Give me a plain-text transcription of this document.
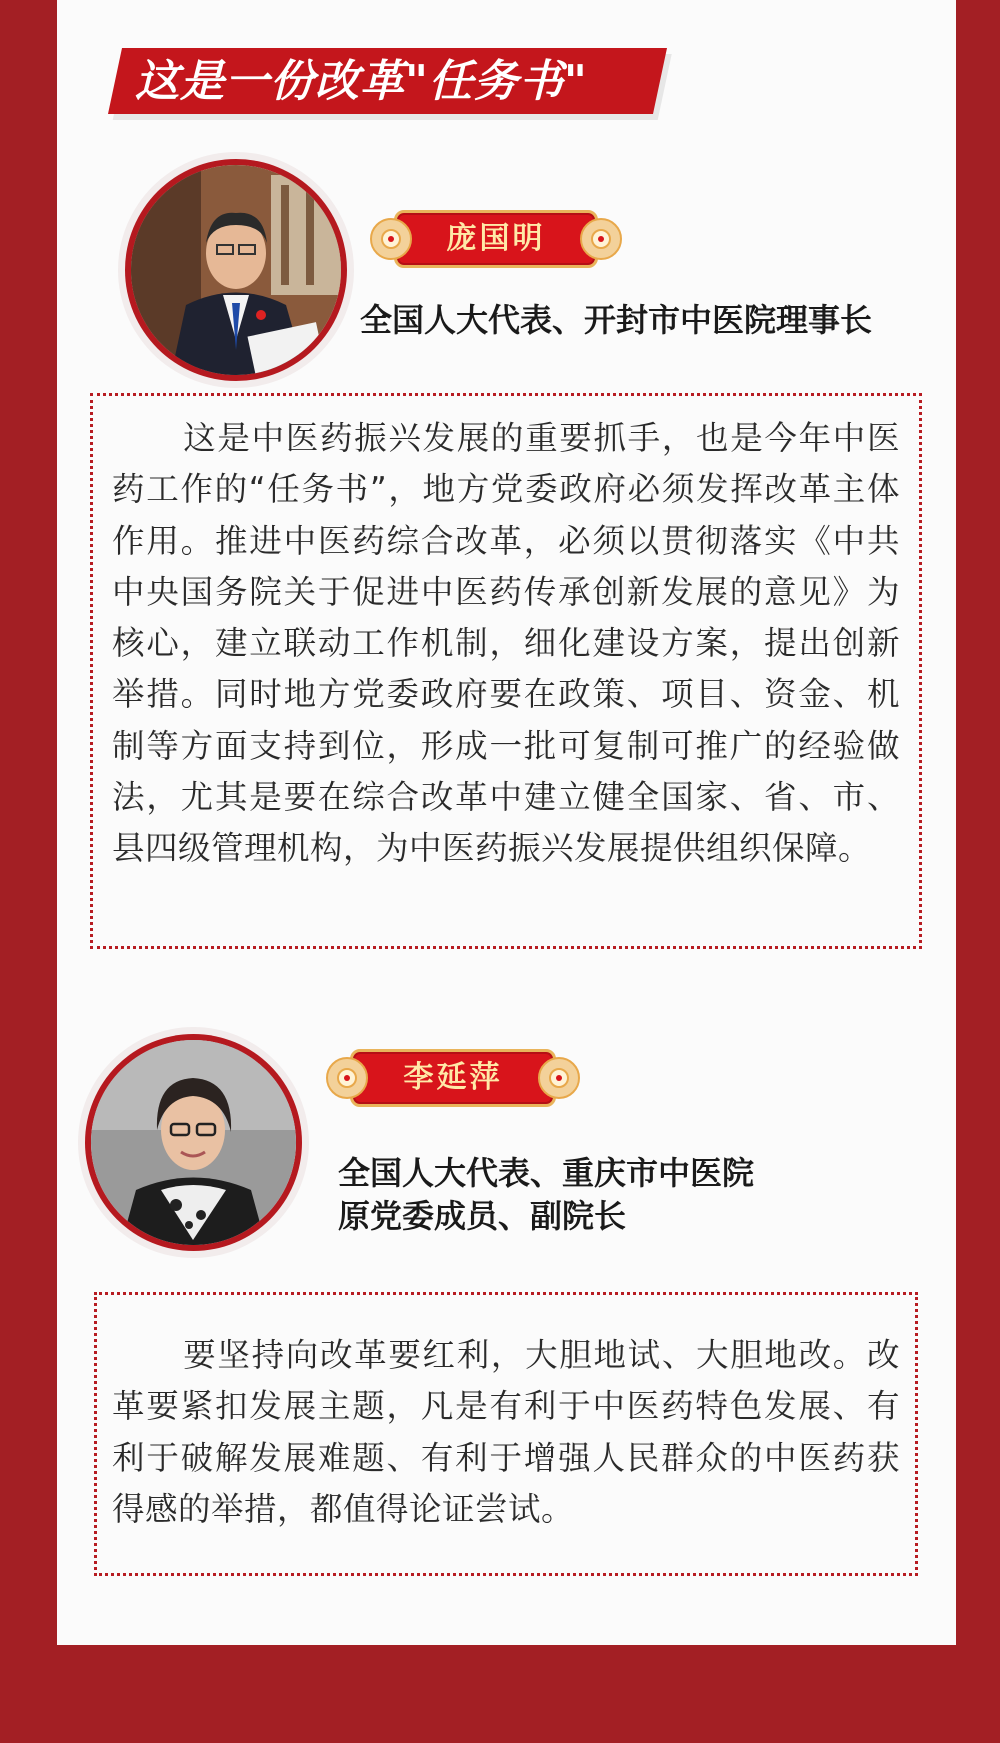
这是一份改革"任务书"
庞国明
全国人大代表、开封市中医院理事长
这是中医药振兴发展的重要抓手，也是今年中医药工作的“任务书”，地方党委政府必须发挥改革主体作用。推进中医药综合改革，必须以贯彻落实《中共中央国务院关于促进中医药传承创新发展的意见》为核心，建立联动工作机制，细化建设方案，提出创新举措。同时地方党委政府要在政策、项目、资金、机制等方面支持到位，形成一批可复制可推广的经验做法，尤其是要在综合改革中建立健全国家、省、市、县四级管理机构，为中医药振兴发展提供组织保障。
李延萍
全国人大代表、重庆市中医院
原党委成员、副院长
要坚持向改革要红利，大胆地试、大胆地改。改革要紧扣发展主题，凡是有利于中医药特色发展、有利于破解发展难题、有利于增强人民群众的中医药获得感的举措，都值得论证尝试。
